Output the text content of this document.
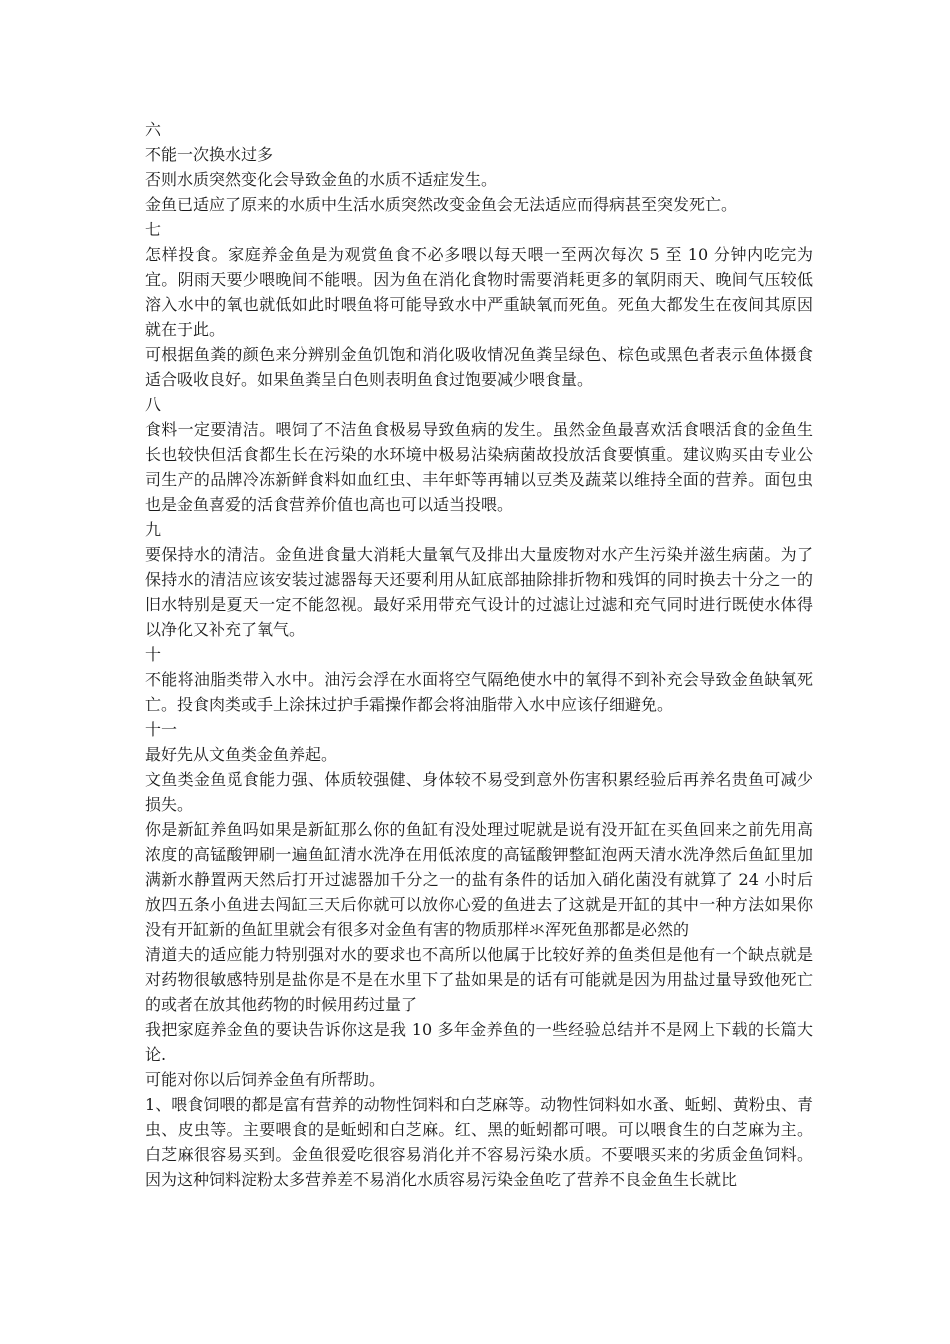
六

不能一次换水过多

否则水质突然变化会导致金鱼的水质不适症发生。

金鱼已适应了原来的水质中生活水质突然改变金鱼会无法适应而得病甚至突发死亡。

七

怎样投食。家庭养金鱼是为观赏鱼食不必多喂以每天喂一至两次每次 5 至 10 分钟内吃完为宜。阴雨天要少喂晚间不能喂。因为鱼在消化食物时需要消耗更多的氧阴雨天、晚间气压较低溶入水中的氧也就低如此时喂鱼将可能导致水中严重缺氧而死鱼。死鱼大都发生在夜间其原因就在于此。

可根据鱼粪的颜色来分辨别金鱼饥饱和消化吸收情况鱼粪呈绿色、棕色或黑色者表示鱼体摄食适合吸收良好。如果鱼粪呈白色则表明鱼食过饱要减少喂食量。

八

食料一定要清洁。喂饲了不洁鱼食极易导致鱼病的发生。虽然金鱼最喜欢活食喂活食的金鱼生长也较快但活食都生长在污染的水环境中极易沾染病菌故投放活食要慎重。建议购买由专业公司生产的品牌冷冻新鲜食料如血红虫、丰年虾等再辅以豆类及蔬菜以维持全面的营养。面包虫也是金鱼喜爱的活食营养价值也高也可以适当投喂。

九

要保持水的清洁。金鱼进食量大消耗大量氧气及排出大量废物对水产生污染并滋生病菌。为了保持水的清洁应该安装过滤器每天还要利用从缸底部抽除排折物和残饵的同时换去十分之一的旧水特别是夏天一定不能忽视。最好采用带充气设计的过滤让过滤和充气同时进行既使水体得以净化又补充了氧气。

十

不能将油脂类带入水中。油污会浮在水面将空气隔绝使水中的氧得不到补充会导致金鱼缺氧死亡。投食肉类或手上涂抹过护手霜操作都会将油脂带入水中应该仔细避免。

十一

最好先从文鱼类金鱼养起。

文鱼类金鱼觅食能力强、体质较强健、身体较不易受到意外伤害积累经验后再养名贵鱼可减少损失。

你是新缸养鱼吗如果是新缸那么你的鱼缸有没处理过呢就是说有没开缸在买鱼回来之前先用高浓度的高锰酸钾刷一遍鱼缸清水洗净在用低浓度的高锰酸钾整缸泡两天清水洗净然后鱼缸里加满新水静置两天然后打开过滤器加千分之一的盐有条件的话加入硝化菌没有就算了 24 小时后放四五条小鱼进去闯缸三天后你就可以放你心爱的鱼进去了这就是开缸的其中一种方法如果你没有开缸新的鱼缸里就会有很多对金鱼有害的物质那样氺浑死鱼那都是必然的

清道夫的适应能力特别强对水的要求也不高所以他属于比较好养的鱼类但是他有一个缺点就是对药物很敏感特别是盐你是不是在水里下了盐如果是的话有可能就是因为用盐过量导致他死亡的或者在放其他药物的时候用药过量了

我把家庭养金鱼的要诀告诉你这是我 10 多年金养鱼的一些经验总结并不是网上下载的长篇大论.

可能对你以后饲养金鱼有所帮助。

1、喂食饲喂的都是富有营养的动物性饲料和白芝麻等。动物性饲料如水蚤、蚯蚓、黄粉虫、青虫、皮虫等。主要喂食的是蚯蚓和白芝麻。红、黑的蚯蚓都可喂。可以喂食生的白芝麻为主。白芝麻很容易买到。金鱼很爱吃很容易消化并不容易污染水质。不要喂买来的劣质金鱼饲料。因为这种饲料淀粉太多营养差不易消化水质容易污染金鱼吃了营养不良金鱼生长就比
